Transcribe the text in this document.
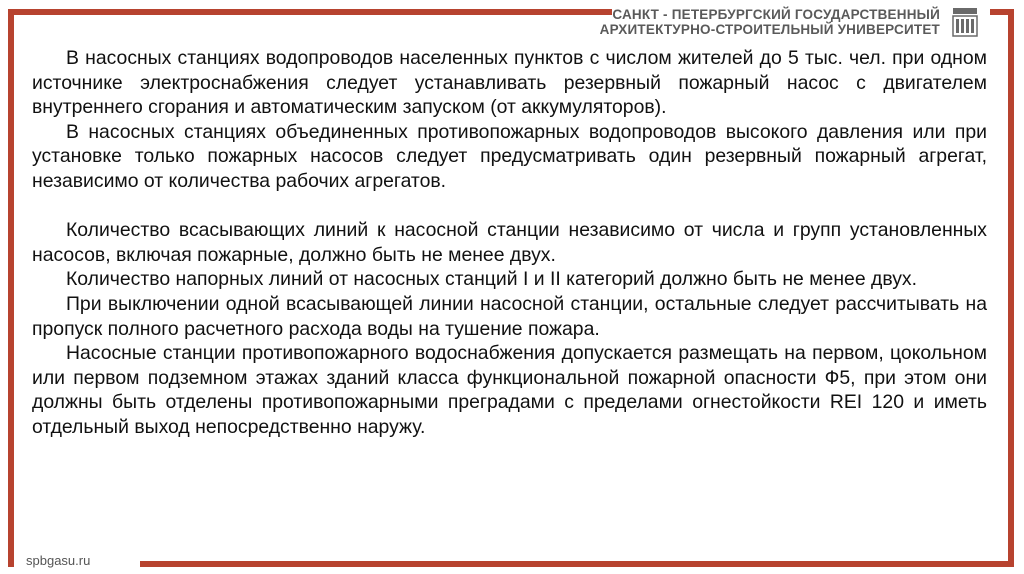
САНКТ - ПЕТЕРБУРГСКИЙ ГОСУДАРСТВЕННЫЙ
АРХИТЕКТУРНО-СТРОИТЕЛЬНЫЙ УНИВЕРСИТЕТ

В насосных станциях водопроводов населенных пунктов с числом жителей до 5 тыс. чел. при одном источнике электроснабжения следует устанавливать резервный пожарный насос с двигателем внутреннего сгорания и автоматическим запуском (от аккумуляторов).

В насосных станциях объединенных противопожарных водопроводов высокого давления или при установке только пожарных насосов следует предусматривать один резервный пожарный агрегат, независимо от количества рабочих агрегатов.

Количество всасывающих линий к насосной станции независимо от числа и групп установленных насосов, включая пожарные, должно быть не менее двух.

Количество напорных линий от насосных станций I и II категорий должно быть не менее двух.

При выключении одной всасывающей линии насосной станции, остальные следует рассчитывать на пропуск полного расчетного расхода воды на тушение пожара.

Насосные станции противопожарного водоснабжения допускается размещать на первом, цокольном или первом подземном этажах зданий класса функциональной пожарной опасности Ф5, при этом они должны быть отделены противопожарными преградами с пределами огнестойкости REI 120 и иметь отдельный выход непосредственно наружу.

spbgasu.ru
